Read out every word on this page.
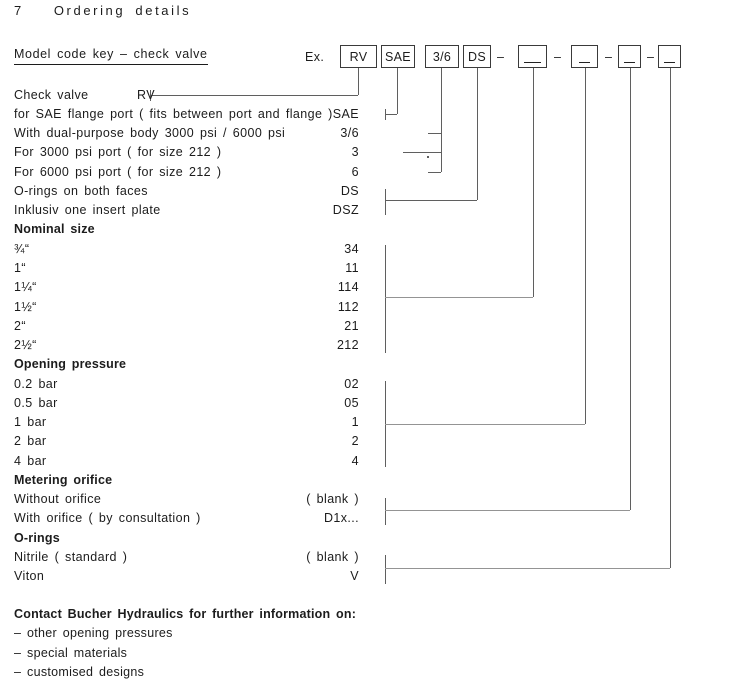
7 Ordering details
Model code key – check valve	Ex.	RV	SAE	3/6	DS –	–	–	–
Check valve	RV
for SAE flange port ( fits between port and flange ) SAE
With dual-purpose body 3000 psi / 6000 psi	3/6
For 3000 psi port ( for size 212 )	3
For 6000 psi port ( for size 212 )	6
O-rings on both faces	DS
Inklusiv one insert plate	DSZ
Nominal size
¾“	34
1“	11
1¼“	114
1½“	112
2“	21
2½“	212
Opening pressure
0.2 bar	02
0.5 bar	05
1 bar	1
2 bar	2
4 bar	4
Metering orifice
Without orifice	( blank )
With orifice ( by consultation )	D1x...
O-rings
Nitrile ( standard )	( blank )
Viton	V
Contact Bucher Hydraulics for further information on:
– other opening pressures
– special materials
– customised designs
